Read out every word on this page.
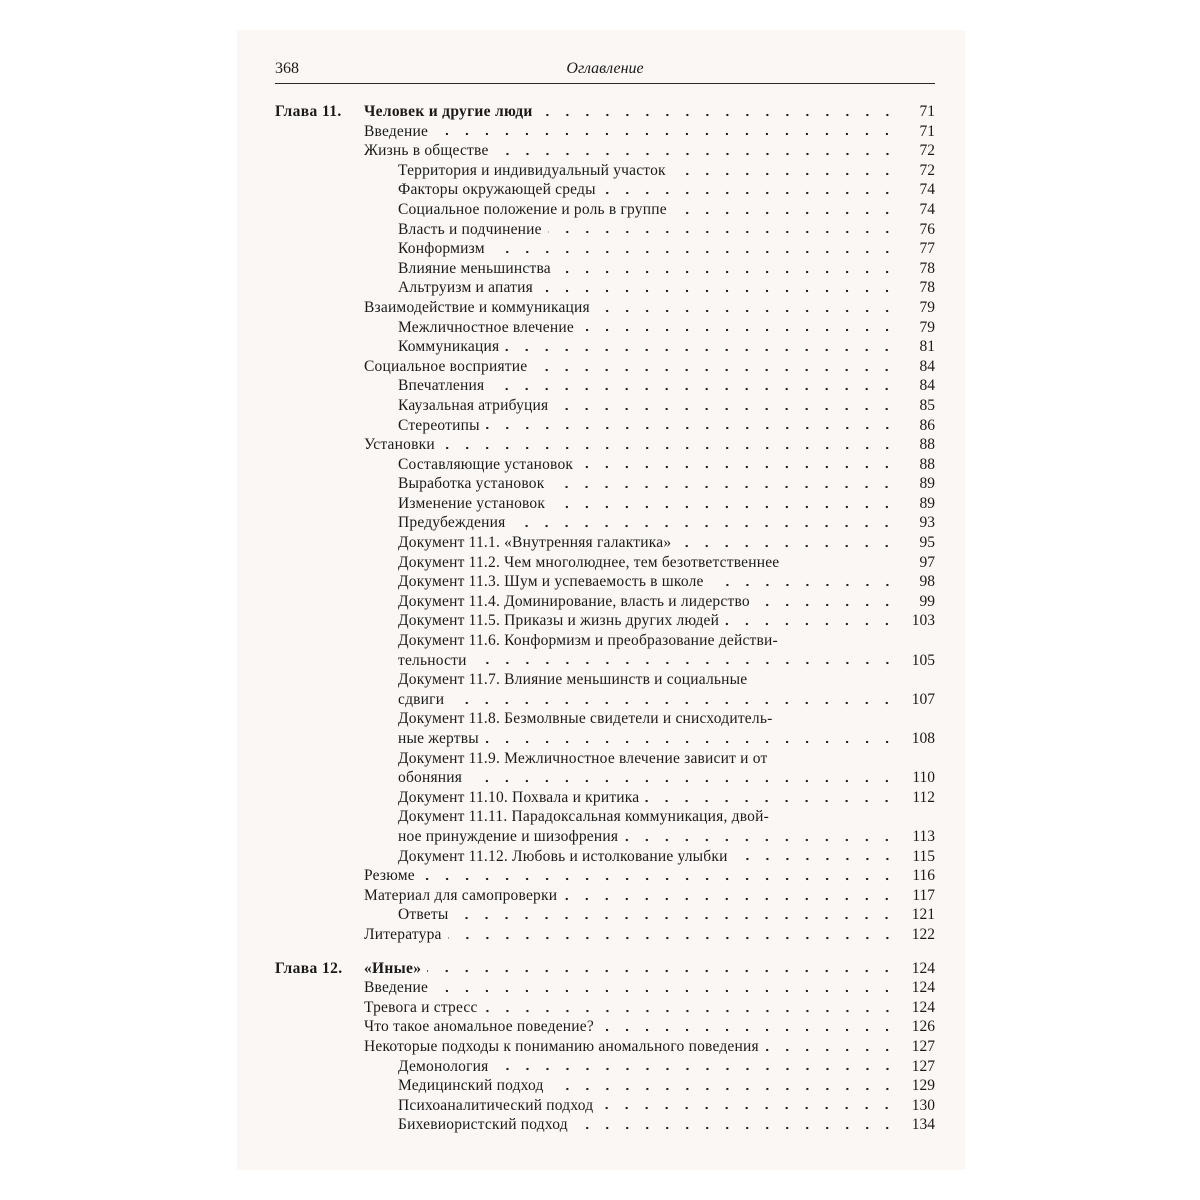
368	Оглавление
Глава 11.	Человек и другие люди	71
Введение	71
Жизнь в обществе	72
Территория и индивидуальный участок	72
Факторы окружающей среды	74
Социальное положение и роль в группе	74
Власть и подчинение	76
Конформизм	77
Влияние меньшинства	78
Альтруизм и апатия	78
Взаимодействие и коммуникация	79
Межличностное влечение	79
Коммуникация	81
Социальное восприятие	84
Впечатления	84
Каузальная атрибуция	85
Стереотипы	86
Установки	88
Составляющие установок	88
Выработка установок	89
Изменение установок	89
Предубеждения	93
Документ 11.1. «Внутренняя галактика»	95
Документ 11.2. Чем многолюднее, тем безответственнее	97
Документ 11.3. Шум и успеваемость в школе	98
Документ 11.4. Доминирование, власть и лидерство	99
Документ 11.5. Приказы и жизнь других людей	103
Документ 11.6. Конформизм и преобразование действи-
тельности	105
Документ 11.7. Влияние меньшинств и социальные
сдвиги	107
Документ 11.8. Безмолвные свидетели и снисходитель-
ные жертвы	108
Документ 11.9. Межличностное влечение зависит и от
обоняния	110
Документ 11.10. Похвала и критика	112
Документ 11.11. Парадоксальная коммуникация, двой-
ное принуждение и шизофрения	113
Документ 11.12. Любовь и истолкование улыбки	115
Резюме	116
Материал для самопроверки	117
Ответы	121
Литература	122
Глава 12.	«Иные»	124
Введение	124
Тревога и стресс	124
Что такое аномальное поведение?	126
Некоторые подходы к пониманию аномального поведения	127
Демонология	127
Медицинский подход	129
Психоаналитический подход	130
Бихевиористский подход	134
